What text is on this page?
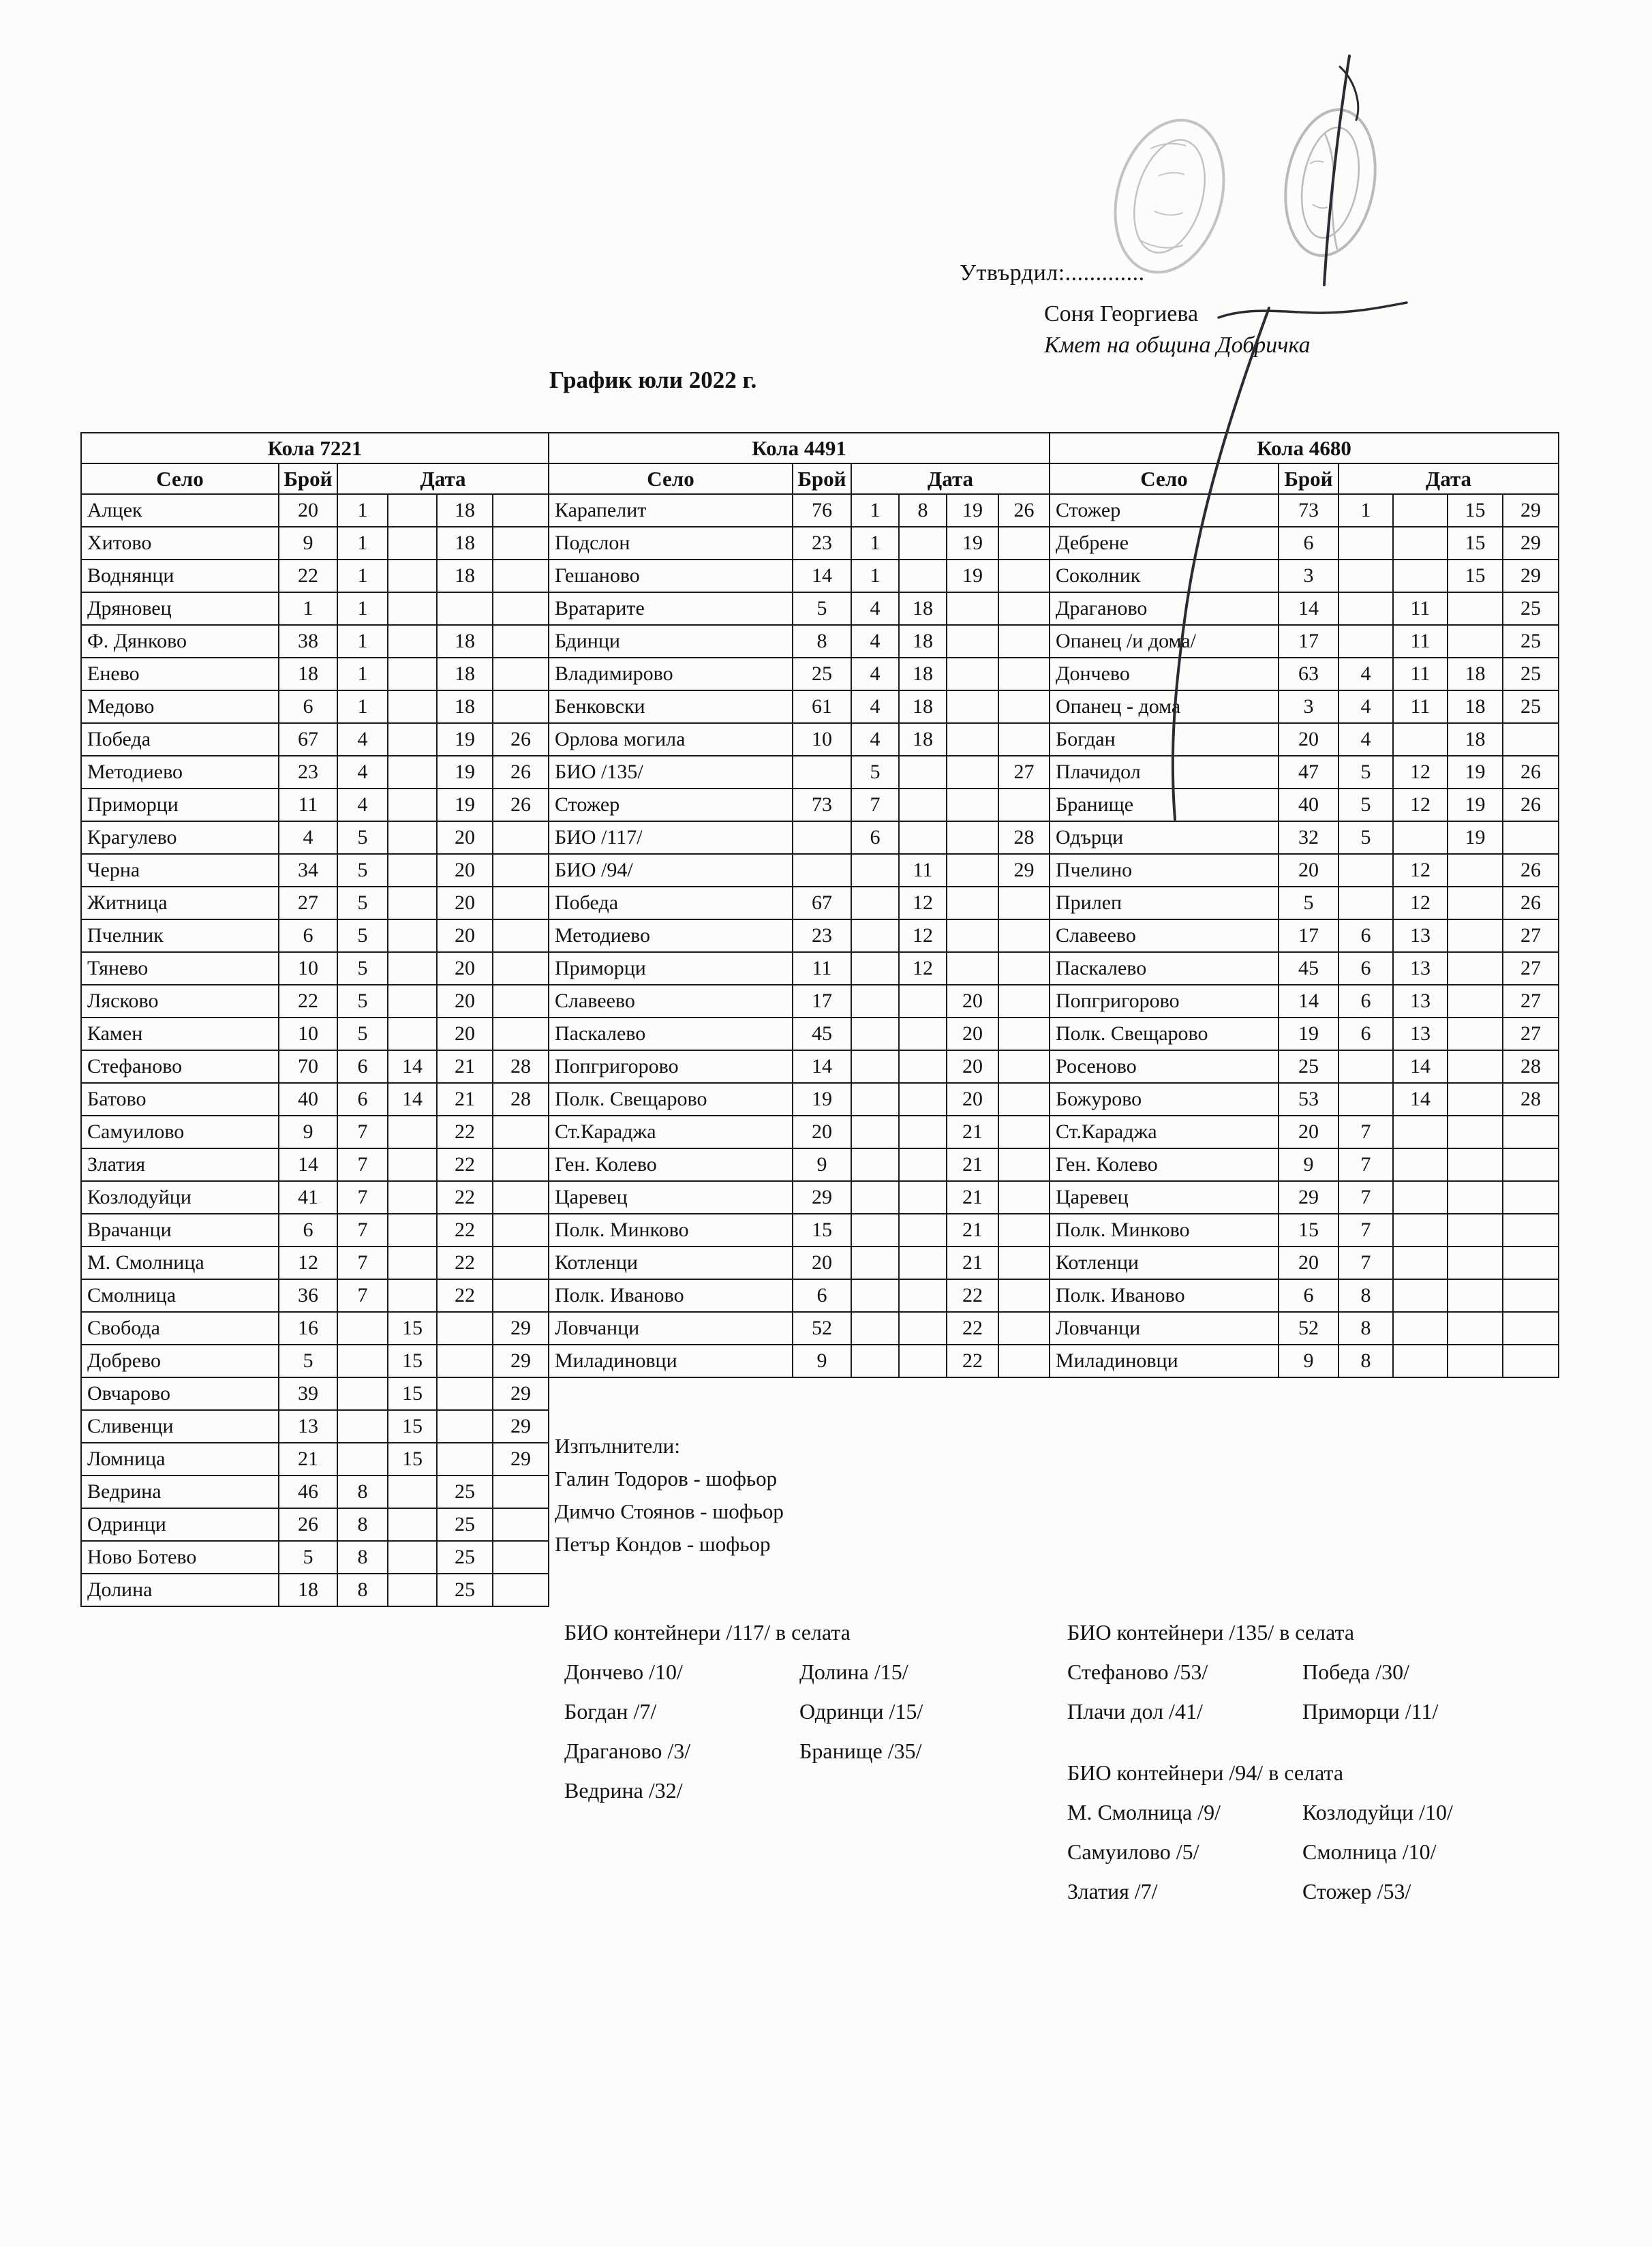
Утвърдил:.............
Соня Георгиева
Кмет на община Добричка
График юли 2022 г.
Кола 7221					
Село	Брой	Дата			
Алцек	20	1		18	
Хитово	9	1		18	
Воднянци	22	1		18	
Дряновец	1	1			
Ф. Дянково	38	1		18	
Енево	18	1		18	
Медово	6	1		18	
Победа	67	4		19	26
Методиево	23	4		19	26
Приморци	11	4		19	26
Крагулево	4	5		20	
Черна	34	5		20	
Житница	27	5		20	
Пчелник	6	5		20	
Тянево	10	5		20	
Лясково	22	5		20	
Камен	10	5		20	
Стефаново	70	6	14	21	28
Батово	40	6	14	21	28
Самуилово	9	7		22	
Златия	14	7		22	
Козлодуйци	41	7		22	
Врачанци	6	7		22	
М. Смолница	12	7		22	
Смолница	36	7		22	
Свобода	16		15		29
Добрево	5		15		29
Овчарово	39		15		29
Сливенци	13		15		29
Ломница	21		15		29
Ведрина	46	8		25	
Одринци	26	8		25	
Ново Ботево	5	8		25	
Долина	18	8		25	
Кола 4491					
Село	Брой	Дата			
Карапелит	76	1	8	19	26
Подслон	23	1		19	
Гешаново	14	1		19	
Вратарите	5	4	18		
Бдинци	8	4	18		
Владимирово	25	4	18		
Бенковски	61	4	18		
Орлова могила	10	4	18		
БИО /135/		5			27
Стожер	73	7			
БИО /117/		6			28
БИО /94/			11		29
Победа	67		12		
Методиево	23		12		
Приморци	11		12		
Славеево	17			20	
Паскалево	45			20	
Попгригорово	14			20	
Полк. Свещарово	19			20	
Ст.Караджа	20			21	
Ген. Колево	9			21	
Царевец	29			21	
Полк. Минково	15			21	
Котленци	20			21	
Полк. Иваново	6			22	
Ловчанци	52			22	
Миладиновци	9			22	
Кола 4680					
Село	Брой	Дата			
Стожер	73	1		15	29
Дебрене	6			15	29
Соколник	3			15	29
Драганово	14		11		25
Опанец /и дома/	17		11		25
Дончево	63	4	11	18	25
Опанец - дома	3	4	11	18	25
Богдан	20	4		18	
Плачидол	47	5	12	19	26
Бранище	40	5	12	19	26
Одърци	32	5		19	
Пчелино	20		12		26
Прилеп	5		12		26
Славеево	17	6	13		27
Паскалево	45	6	13		27
Попгригорово	14	6	13		27
Полк. Свещарово	19	6	13		27
Росеново	25		14		28
Божурово	53		14		28
Ст.Караджа	20	7			
Ген. Колево	9	7			
Царевец	29	7			
Полк. Минково	15	7			
Котленци	20	7			
Полк. Иваново	6	8			
Ловчанци	52	8			
Миладиновци	9	8			
Изпълнители:
Галин Тодоров - шофьор
Димчо Стоянов - шофьор
Петър Кондов - шофьор
БИО контейнери /117/ в селата
Дончево /10/	Долина /15/
Богдан /7/	Одринци /15/
Драганово /3/	Бранище /35/
Ведрина /32/
БИО контейнери /135/ в селата
Стефаново /53/	Победа /30/
Плачи дол /41/	Приморци /11/
БИО контейнери /94/ в селата
М. Смолница /9/	Козлодуйци /10/
Самуилово /5/	Смолница /10/
Златия /7/	Стожер /53/
